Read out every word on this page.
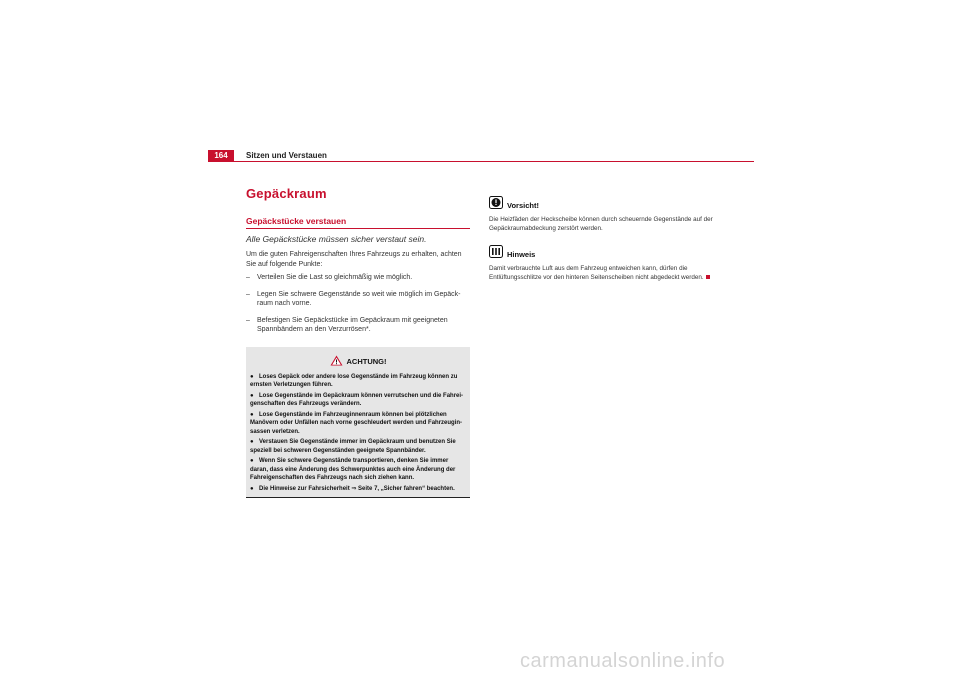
164	Sitzen und Verstauen
Gepäckraum
Gepäckstücke verstauen

Alle Gepäckstücke müssen sicher verstaut sein.

Um die guten Fahreigenschaften Ihres Fahrzeugs zu erhalten, achten Sie auf folgende Punkte:

– Verteilen Sie die Last so gleichmäßig wie möglich.
– Legen Sie schwere Gegenstände so weit wie möglich im Gepäck-raum nach vorne.
– Befestigen Sie Gepäckstücke im Gepäckraum mit geeigneten Spannbändern an den Verzurrösen*.
ACHTUNG!
● Loses Gepäck oder andere lose Gegenstände im Fahrzeug können zu ernsten Verletzungen führen.
● Lose Gegenstände im Gepäckraum können verrutschen und die Fahrei-genschaften des Fahrzeugs verändern.
● Lose Gegenstände im Fahrzeuginnenraum können bei plötzlichen Manövern oder Unfällen nach vorne geschleudert werden und Fahrzeugin-sassen verletzen.
● Verstauen Sie Gegenstände immer im Gepäckraum und benutzen Sie speziell bei schweren Gegenständen geeignete Spannbänder.
● Wenn Sie schwere Gegenstände transportieren, denken Sie immer daran, dass eine Änderung des Schwerpunktes auch eine Änderung der Fahreigenschaften des Fahrzeugs nach sich ziehen kann.
● Die Hinweise zur Fahrsicherheit ⇒ Seite 7, „Sicher fahren“ beachten.
Vorsicht!

Die Heizfäden der Heckscheibe können durch scheuernde Gegenstände auf der Gepäckraumabdeckung zerstört werden.

Hinweis

Damit verbrauchte Luft aus dem Fahrzeug entweichen kann, dürfen die Entlüftungsschlitze vor den hinteren Seitenscheiben nicht abgedeckt werden.

carmanualsonline.info
